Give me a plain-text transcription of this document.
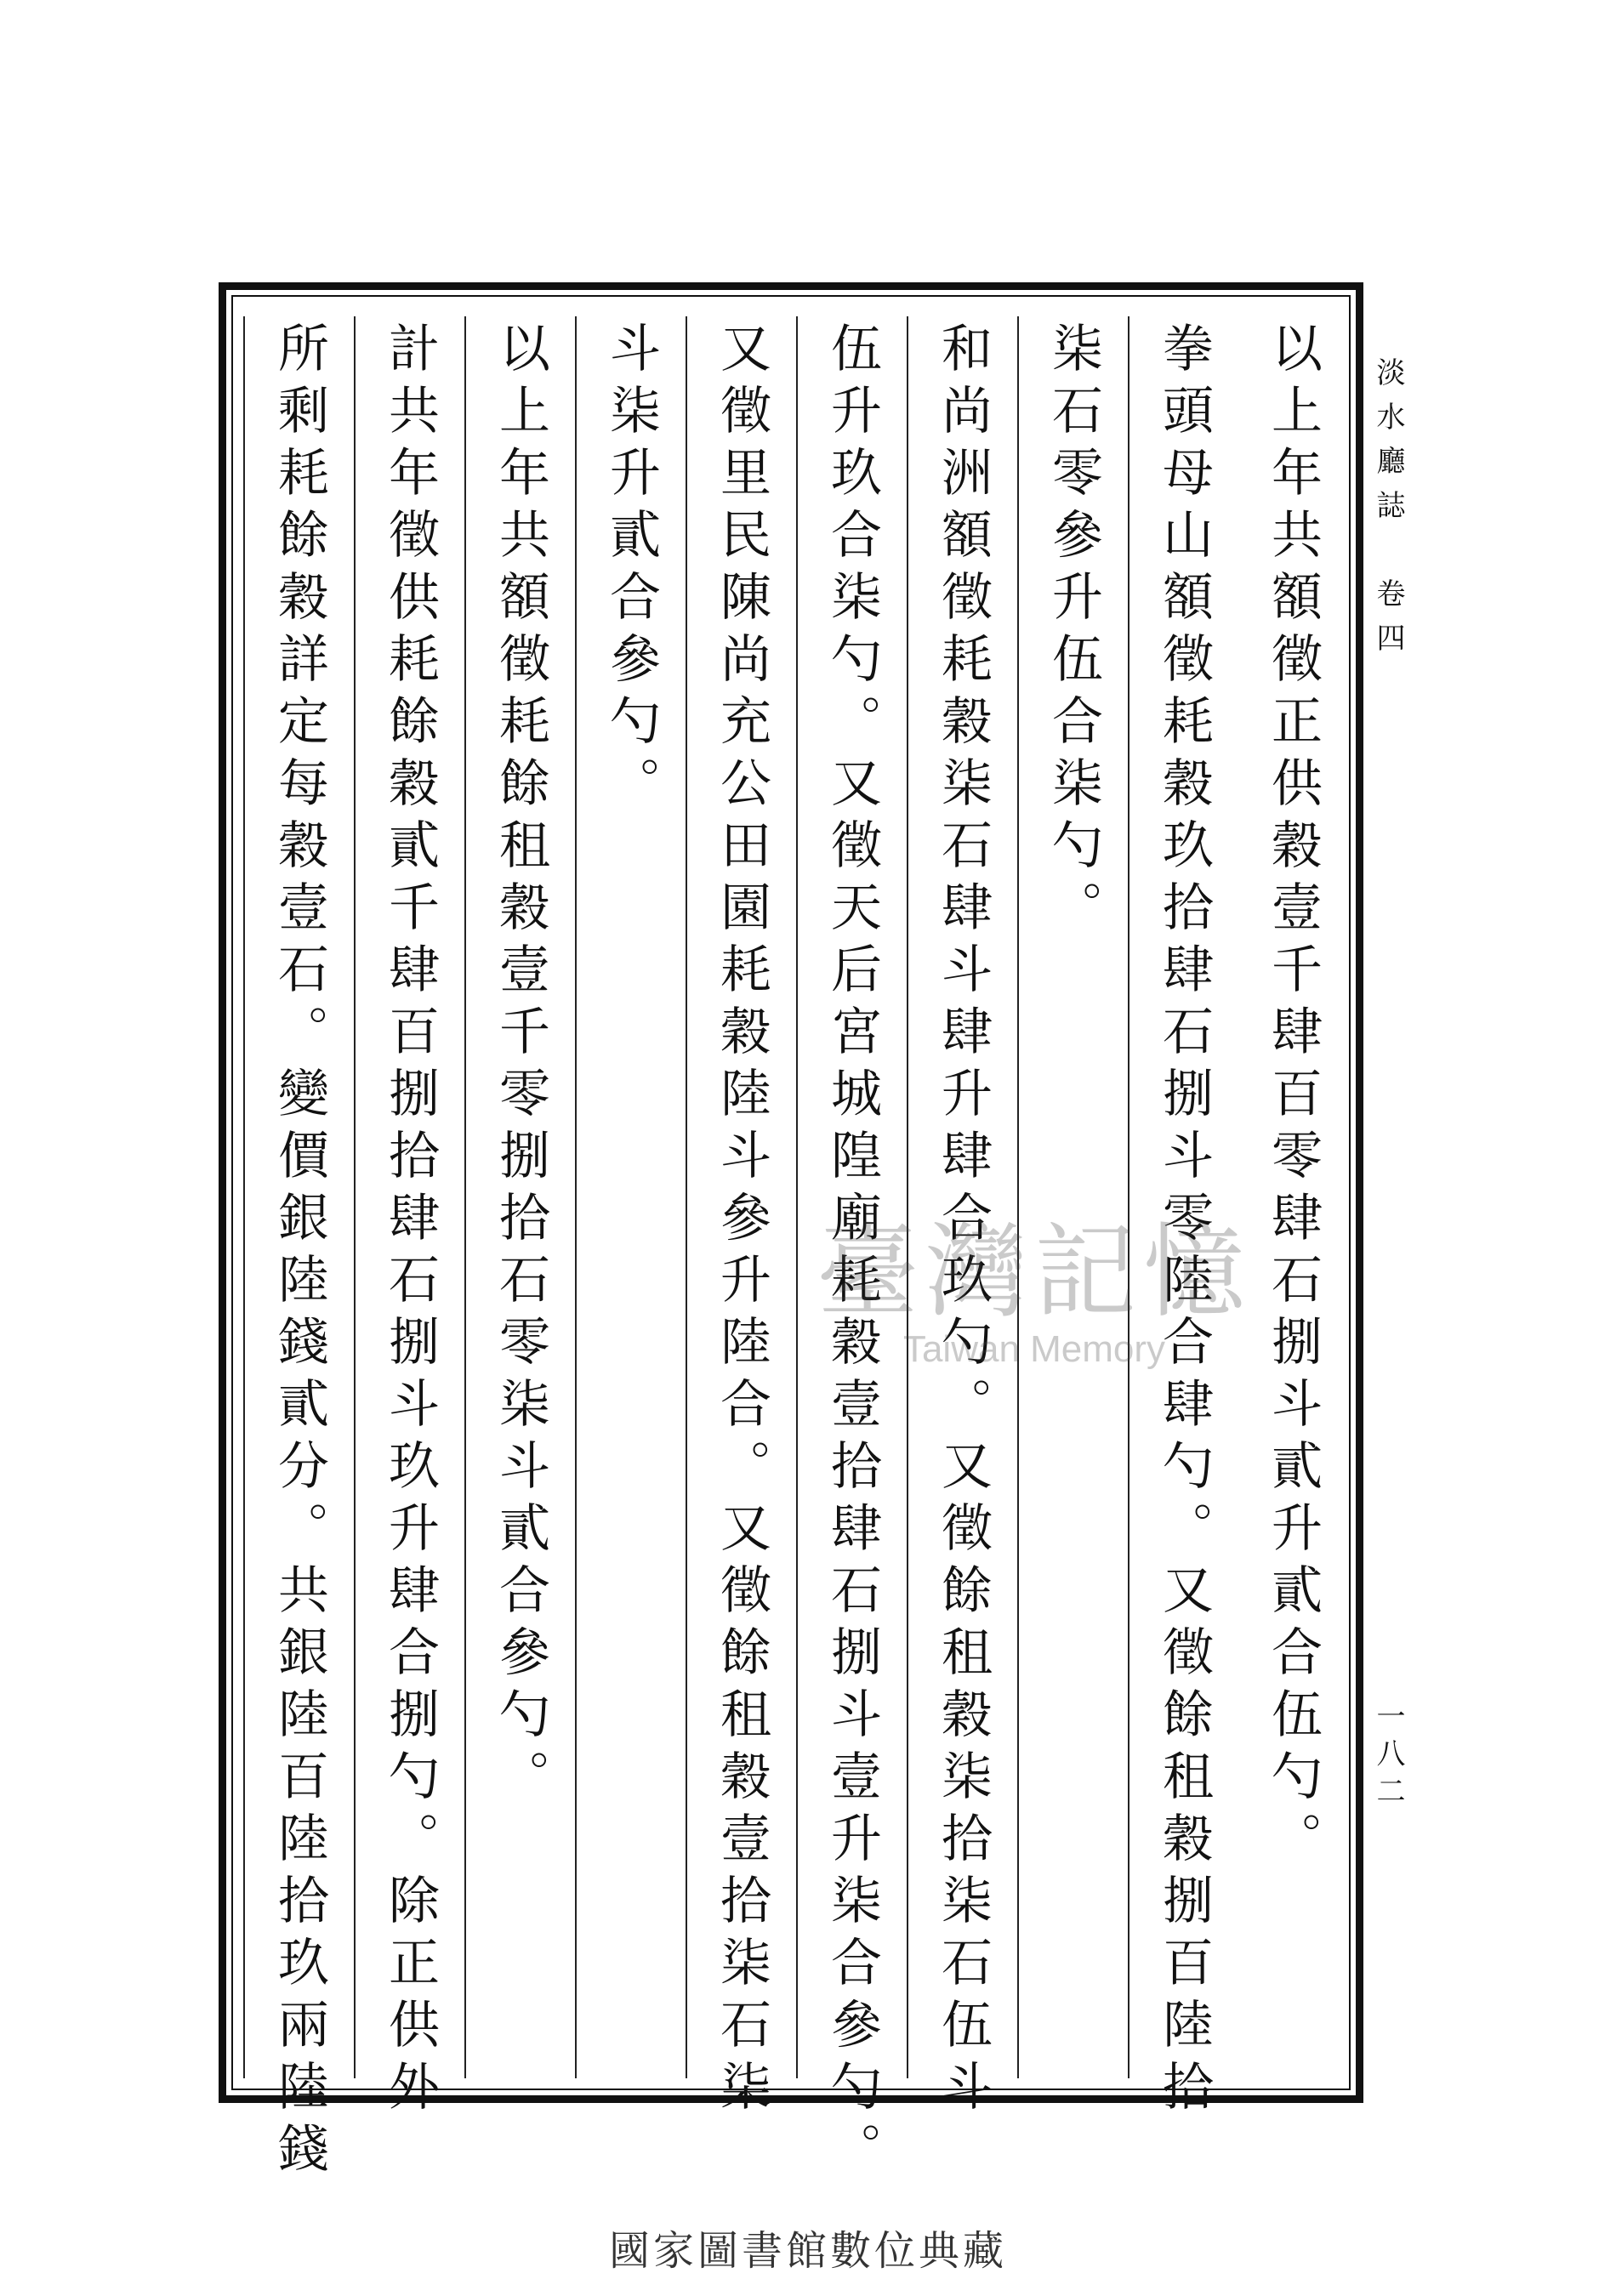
以上年共額徵正供穀壹千肆百零肆石捌斗貳升貳合伍勺。
拳頭母山額徵耗穀玖拾肆石捌斗零陸合肆勺。又徵餘租穀捌百陸拾
柒石零參升伍合柒勺。
和尚洲額徵耗穀柒石肆斗肆升肆合玖勺。又徵餘租穀柒拾柒石伍斗
伍升玖合柒勺。又徵天后宮城隍廟耗穀壹拾肆石捌斗壹升柒合參勺。
又徵里民陳尚充公田園耗穀陸斗參升陸合。又徵餘租穀壹拾柒石柒
斗柒升貳合參勺。
以上年共額徵耗餘租穀壹千零捌拾石零柒斗貳合參勺。
計共年徵供耗餘穀貳千肆百捌拾肆石捌斗玖升肆合捌勺。除正供外
所剩耗餘穀詳定每穀壹石。變價銀陸錢貳分。共銀陸百陸拾玖兩陸錢	淡水廳誌　卷四
一八二
臺灣記憶
Taiwan Memory
國家圖書館數位典藏
